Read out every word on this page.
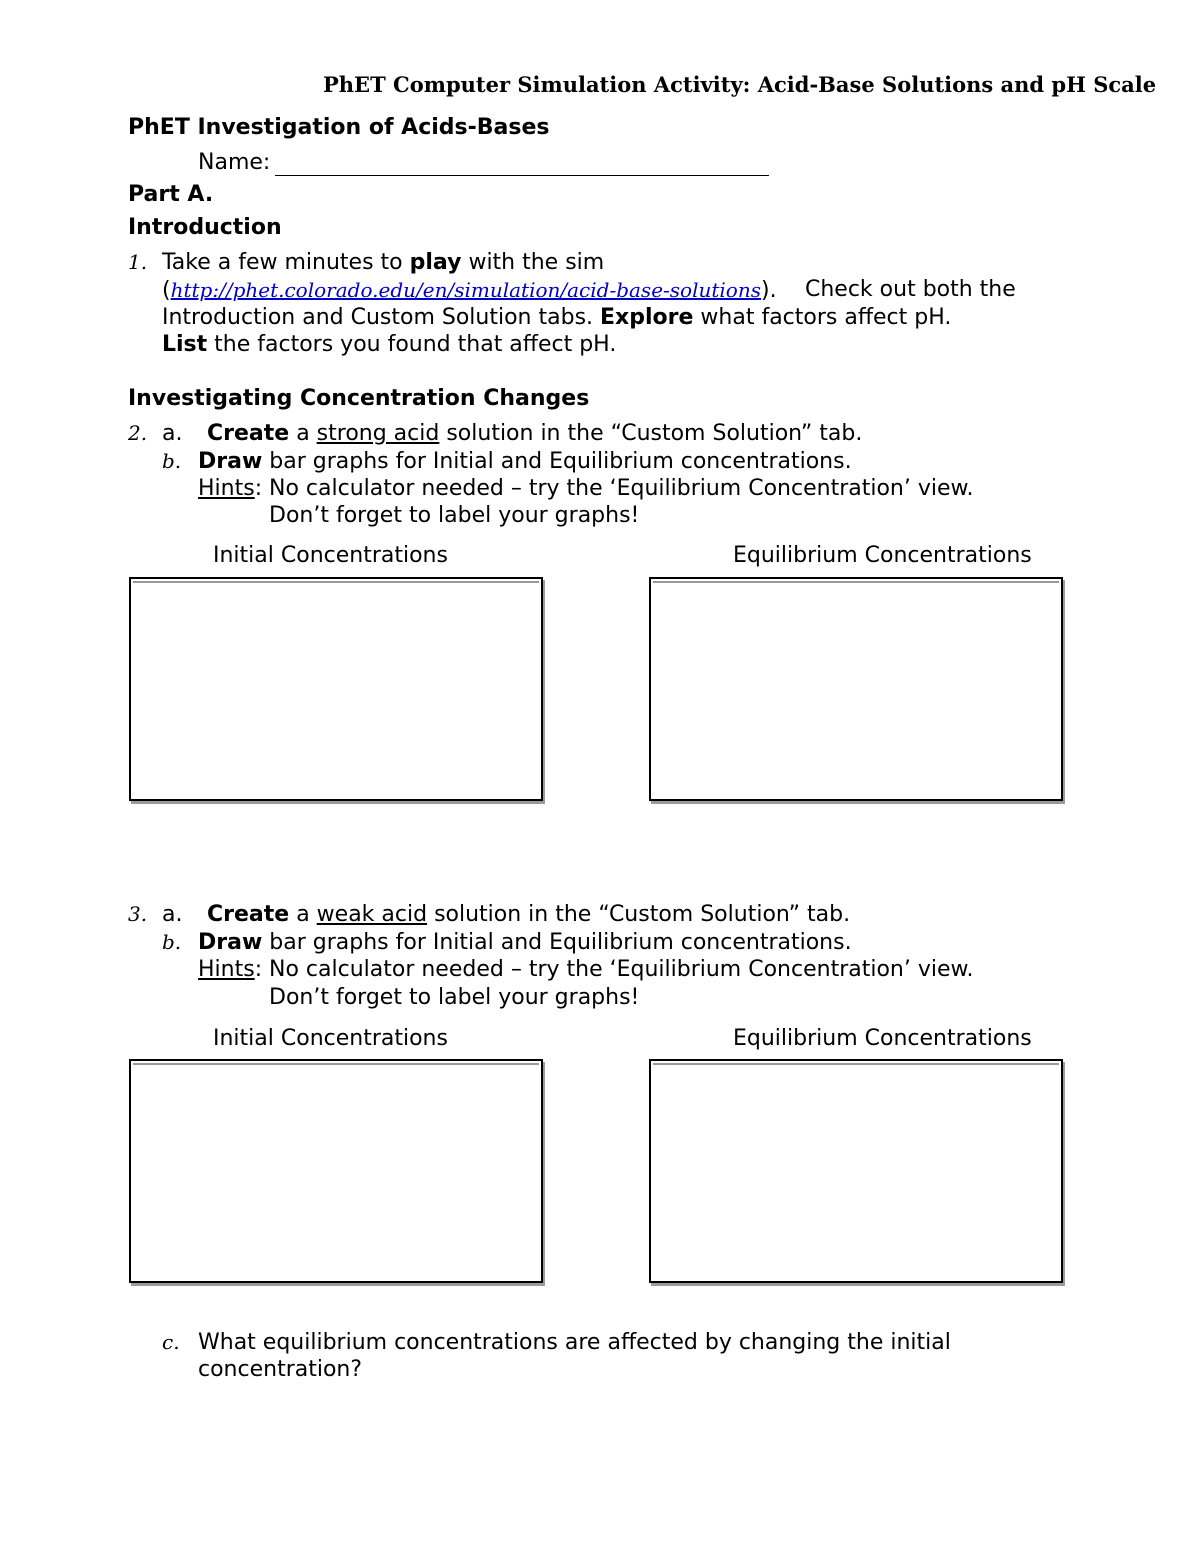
PhET Computer Simulation Activity: Acid-Base Solutions and pH Scale
PhET Investigation of Acids-Bases
Name:
Part A.
Introduction
1. Take a few minutes to play with the sim
(http://phet.colorado.edu/en/simulation/acid-base-solutions). Check out both the
Introduction and Custom Solution tabs. Explore what factors affect pH.
List the factors you found that affect pH.
Investigating Concentration Changes
2. a. Create a strong acid solution in the “Custom Solution” tab.
b. Draw bar graphs for Initial and Equilibrium concentrations.
Hints: No calculator needed – try the ‘Equilibrium Concentration’ view.
Don’t forget to label your graphs!
Initial Concentrations	Equilibrium Concentrations
3. a. Create a weak acid solution in the “Custom Solution” tab.
b. Draw bar graphs for Initial and Equilibrium concentrations.
Hints: No calculator needed – try the ‘Equilibrium Concentration’ view.
Don’t forget to label your graphs!
Initial Concentrations	Equilibrium Concentrations
c. What equilibrium concentrations are affected by changing the initial
concentration?
